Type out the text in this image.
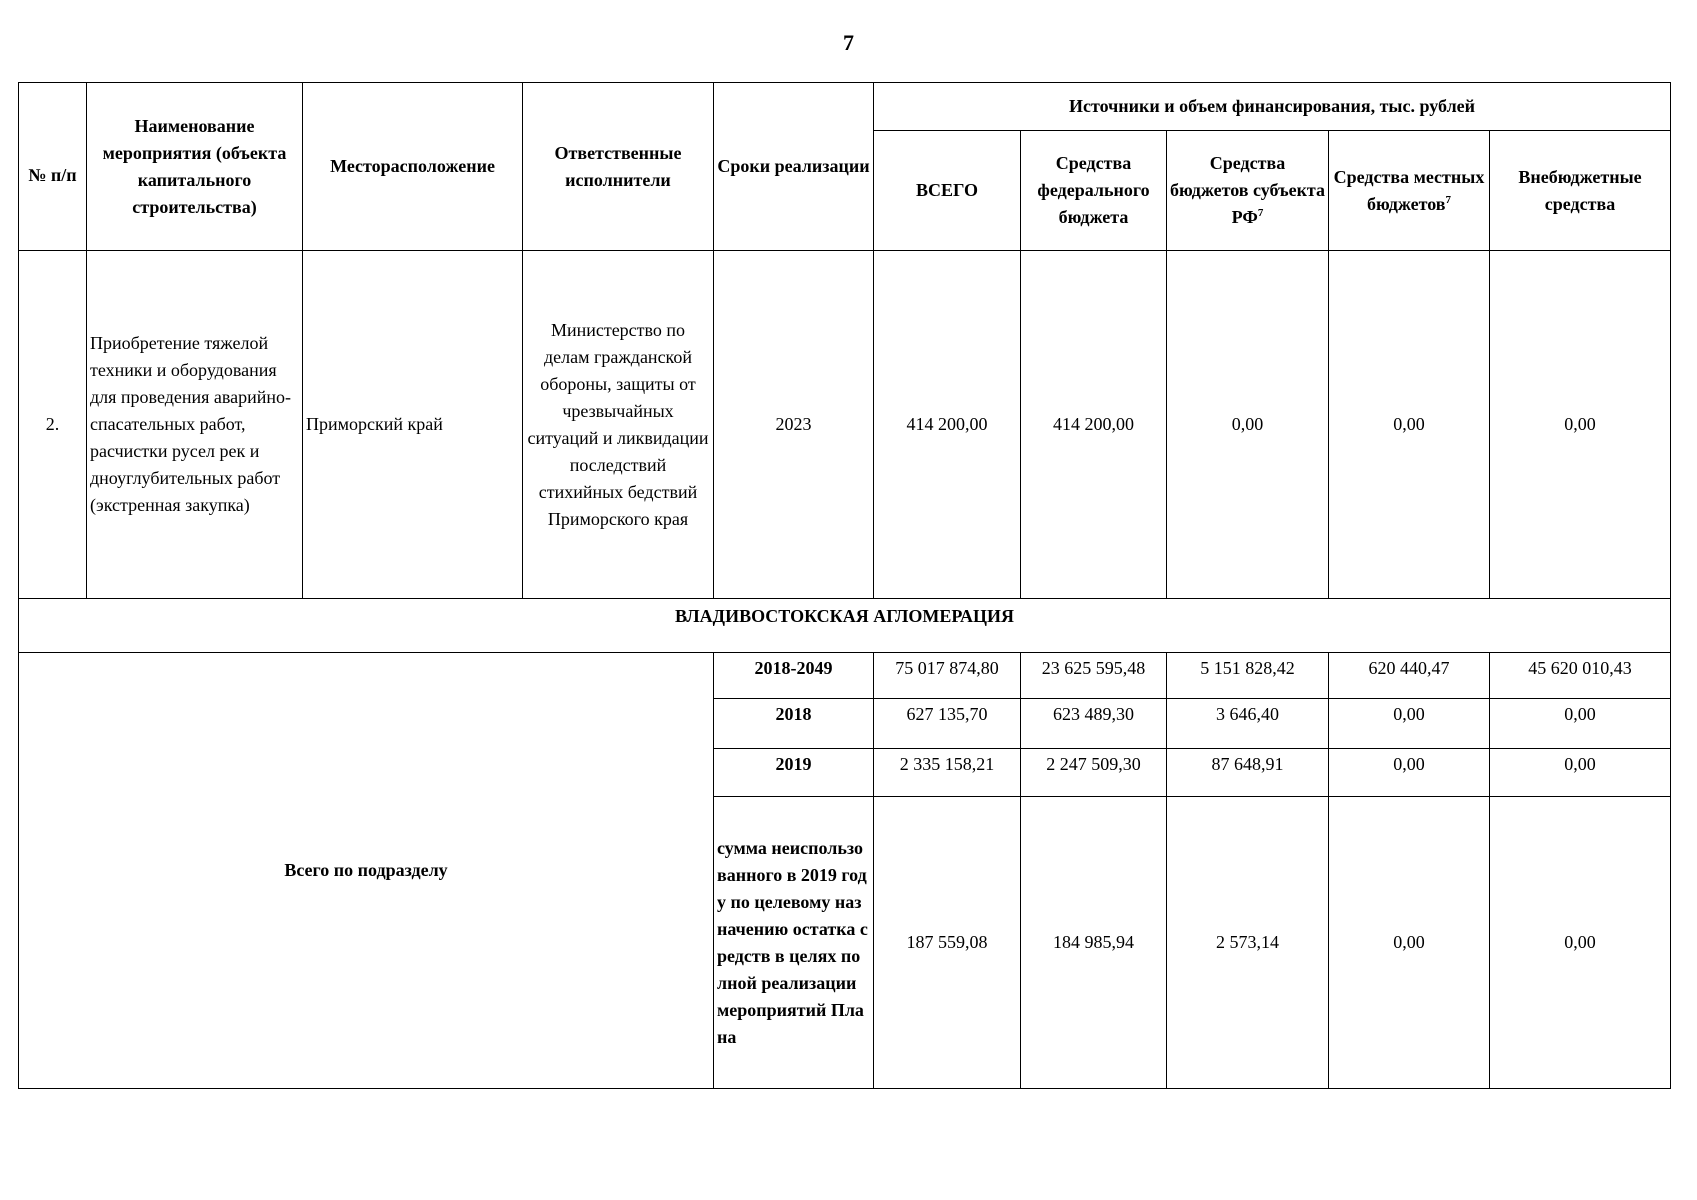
7
№ п/п	Наименование мероприятия (объекта капитального строительства)	Месторасположение	Ответственные исполнители	Сроки реализации	Источники и объем финансирования, тыс. рублей				
					ВСЕГО	Средства федерального бюджета	Средства бюджетов субъекта $РФ^7$	Средства местных бюджетов$^7$	Внебюджетные средства
2.	Приобретение тяжелой техники и оборудования для проведения аварийно-спасательных работ, расчистки русел рек и дноуглубительных работ (экстренная закупка)	Приморский край	Министерство по делам гражданской обороны, защиты от чрезвычайных ситуаций и ликвидации последствий стихийных бедствий Приморского края	2023	414 200,00	414 200,00	0,00	0,00	0,00
ВЛАДИВОСТОКСКАЯ АГЛОМЕРАЦИЯ									
Всего по подразделу				2018-2049	75 017 874,80	23 625 595,48	5 151 828,42	620 440,47	45 620 010,43
				2018	627 135,70	623 489,30	3 646,40	0,00	0,00
				2019	2 335 158,21	2 247 509,30	87 648,91	0,00	0,00
				сумма неиспользованного в 2019 году по целевому назначению остатка средств в целях полной реализации мероприятий Плана	187 559,08	184 985,94	2 573,14	0,00	0,00
